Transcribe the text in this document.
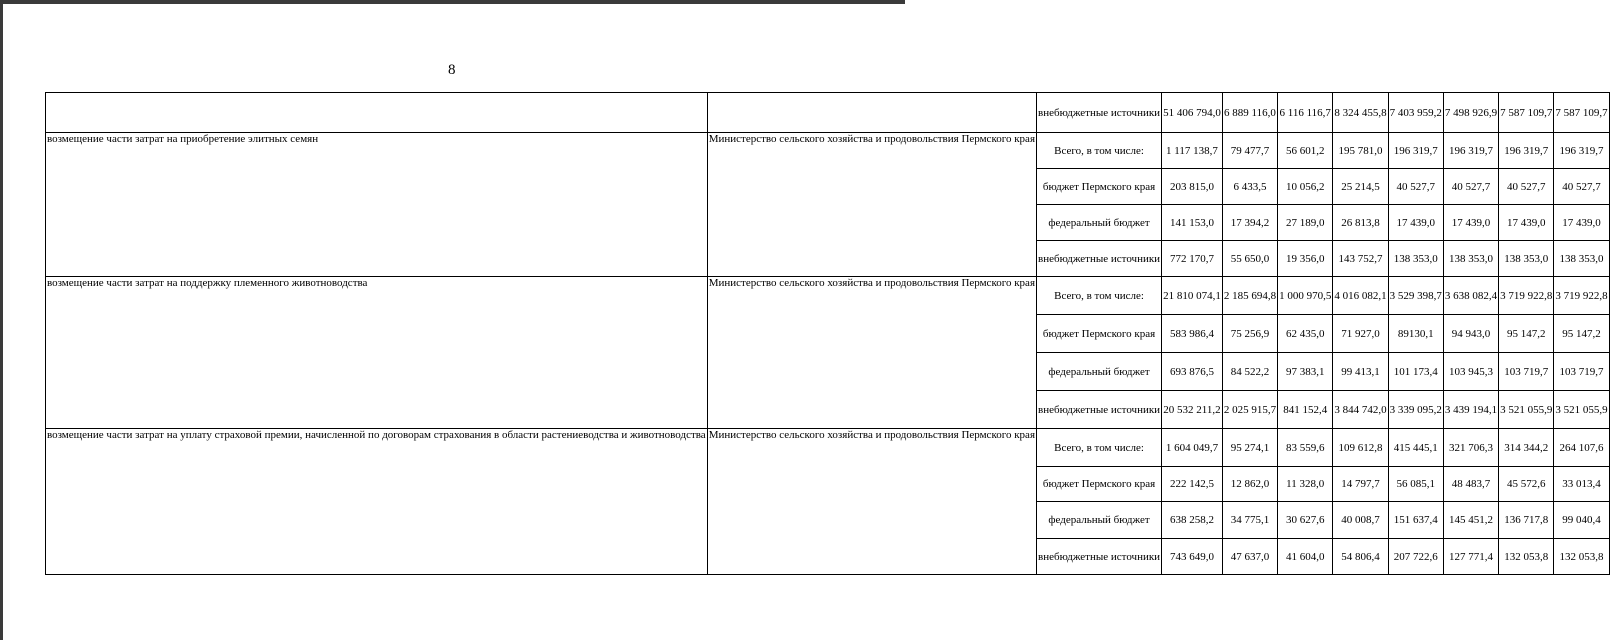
8
		внебюджетные источники	51 406 794,0	6 889 116,0	6 116 116,7	8 324 455,8	7 403 959,2	7 498 926,9	7 587 109,7	7 587 109,7
возмещение части затрат на приобретение элитных семян	Министерство сельского хозяйства и продовольствия Пермского края	Всего, в том числе:	1 117 138,7	79 477,7	56 601,2	195 781,0	196 319,7	196 319,7	196 319,7	196 319,7
		бюджет Пермского края	203 815,0	6 433,5	10 056,2	25 214,5	40 527,7	40 527,7	40 527,7	40 527,7
		федеральный бюджет	141 153,0	17 394,2	27 189,0	26 813,8	17 439,0	17 439,0	17 439,0	17 439,0
		внебюджетные источники	772 170,7	55 650,0	19 356,0	143 752,7	138 353,0	138 353,0	138 353,0	138 353,0
возмещение части затрат на поддержку племенного животноводства	Министерство сельского хозяйства и продовольствия Пермского края	Всего, в том числе:	21 810 074,1	2 185 694,8	1 000 970,5	4 016 082,1	3 529 398,7	3 638 082,4	3 719 922,8	3 719 922,8
		бюджет Пермского края	583 986,4	75 256,9	62 435,0	71 927,0	89130,1	94 943,0	95 147,2	95 147,2
		федеральный бюджет	693 876,5	84 522,2	97 383,1	99 413,1	101 173,4	103 945,3	103 719,7	103 719,7
		внебюджетные источники	20 532 211,2	2 025 915,7	841 152,4	3 844 742,0	3 339 095,2	3 439 194,1	3 521 055,9	3 521 055,9
возмещение части затрат на уплату страховой премии, начисленной по договорам страхования в области растениеводства и животноводства	Министерство сельского хозяйства и продовольствия Пермского края	Всего, в том числе:	1 604 049,7	95 274,1	83 559,6	109 612,8	415 445,1	321 706,3	314 344,2	264 107,6
		бюджет Пермского края	222 142,5	12 862,0	11 328,0	14 797,7	56 085,1	48 483,7	45 572,6	33 013,4
		федеральный бюджет	638 258,2	34 775,1	30 627,6	40 008,7	151 637,4	145 451,2	136 717,8	99 040,4
		внебюджетные источники	743 649,0	47 637,0	41 604,0	54 806,4	207 722,6	127 771,4	132 053,8	132 053,8
